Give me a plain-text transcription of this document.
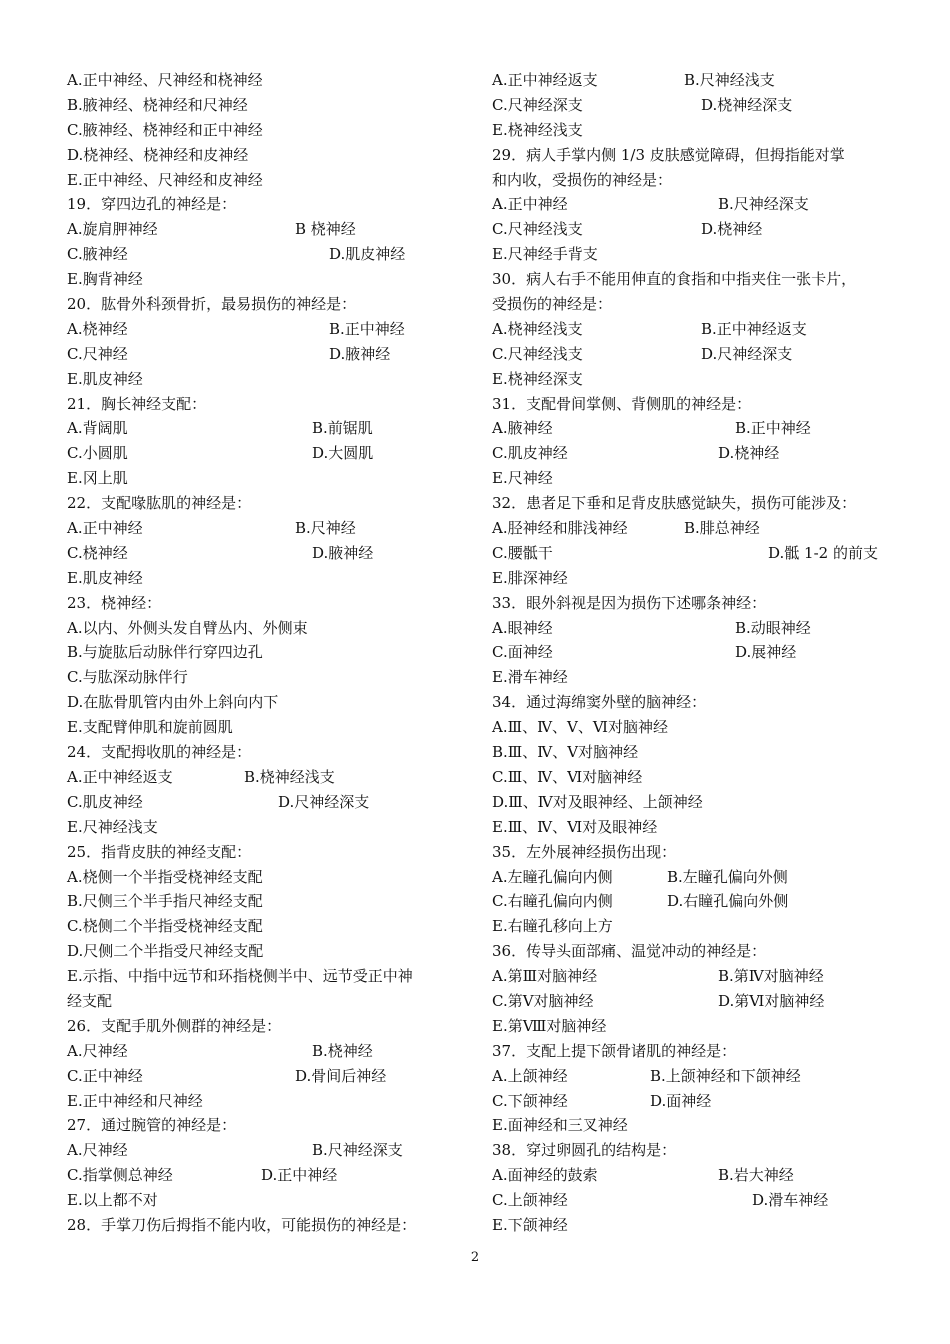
A.正中神经、尺神经和桡神经
B.腋神经、桡神经和尺神经
C.腋神经、桡神经和正中神经
D.桡神经、桡神经和皮神经
E.正中神经、尺神经和皮神经
19．穿四边孔的神经是：
A.旋肩胛神经	B 桡神经
C.腋神经	D.肌皮神经
E.胸背神经
20．肱骨外科颈骨折，最易损伤的神经是：
A.桡神经	B.正中神经
C.尺神经	D.腋神经
E.肌皮神经
21．胸长神经支配：
A.背阔肌	B.前锯肌
C.小圆肌	D.大圆肌
E.冈上肌
22．支配喙肱肌的神经是：
A.正中神经	B.尺神经
C.桡神经	D.腋神经
E.肌皮神经
23．桡神经：
A.以内、外侧头发自臂丛内、外侧束
B.与旋肱后动脉伴行穿四边孔
C.与肱深动脉伴行
D.在肱骨肌管内由外上斜向内下
E.支配臂伸肌和旋前圆肌
24．支配拇收肌的神经是：
A.正中神经返支	B.桡神经浅支
C.肌皮神经	D.尺神经深支
E.尺神经浅支
25．指背皮肤的神经支配：
A.桡侧一个半指受桡神经支配
B.尺侧三个半手指尺神经支配
C.桡侧二个半指受桡神经支配
D.尺侧二个半指受尺神经支配
E.示指、中指中远节和环指桡侧半中、远节受正中神
经支配
26．支配手肌外侧群的神经是：
A.尺神经	B.桡神经
C.正中神经	D.骨间后神经
E.正中神经和尺神经
27．通过腕管的神经是：
A.尺神经	B.尺神经深支
C.指掌侧总神经	D.正中神经
E.以上都不对
28．手掌刀伤后拇指不能内收，可能损伤的神经是：
A.正中神经返支	B.尺神经浅支
C.尺神经深支	D.桡神经深支
E.桡神经浅支
29．病人手掌内侧 1/3 皮肤感觉障碍，但拇指能对掌
和内收，受损伤的神经是：
A.正中神经	B.尺神经深支
C.尺神经浅支	D.桡神经
E.尺神经手背支
30．病人右手不能用伸直的食指和中指夹住一张卡片，
受损伤的神经是：
A.桡神经浅支	B.正中神经返支
C.尺神经浅支	D.尺神经深支
E.桡神经深支
31．支配骨间掌侧、背侧肌的神经是：
A.腋神经	B.正中神经
C.肌皮神经	D.桡神经
E.尺神经
32．患者足下垂和足背皮肤感觉缺失，损伤可能涉及：
A.胫神经和腓浅神经	B.腓总神经
C.腰骶干	D.骶 1-2 的前支
E.腓深神经
33．眼外斜视是因为损伤下述哪条神经：
A.眼神经	B.动眼神经
C.面神经	D.展神经
E.滑车神经
34．通过海绵窦外壁的脑神经：
A.Ⅲ、Ⅳ、Ⅴ、Ⅵ对脑神经
B.Ⅲ、Ⅳ、Ⅴ对脑神经
C.Ⅲ、Ⅳ、Ⅵ对脑神经
D.Ⅲ、Ⅳ对及眼神经、上颌神经
E.Ⅲ、Ⅳ、Ⅵ对及眼神经
35．左外展神经损伤出现：
A.左瞳孔偏向内侧	B.左瞳孔偏向外侧
C.右瞳孔偏向内侧	D.右瞳孔偏向外侧
E.右瞳孔移向上方
36．传导头面部痛、温觉冲动的神经是：
A.第Ⅲ对脑神经	B.第Ⅳ对脑神经
C.第Ⅴ对脑神经	D.第Ⅵ对脑神经
E.第Ⅷ对脑神经
37．支配上提下颌骨诸肌的神经是：
A.上颌神经	B.上颌神经和下颌神经
C.下颌神经	D.面神经
E.面神经和三叉神经
38．穿过卵圆孔的结构是：
A.面神经的鼓索	B.岩大神经
C.上颌神经	D.滑车神经
E.下颌神经
2
